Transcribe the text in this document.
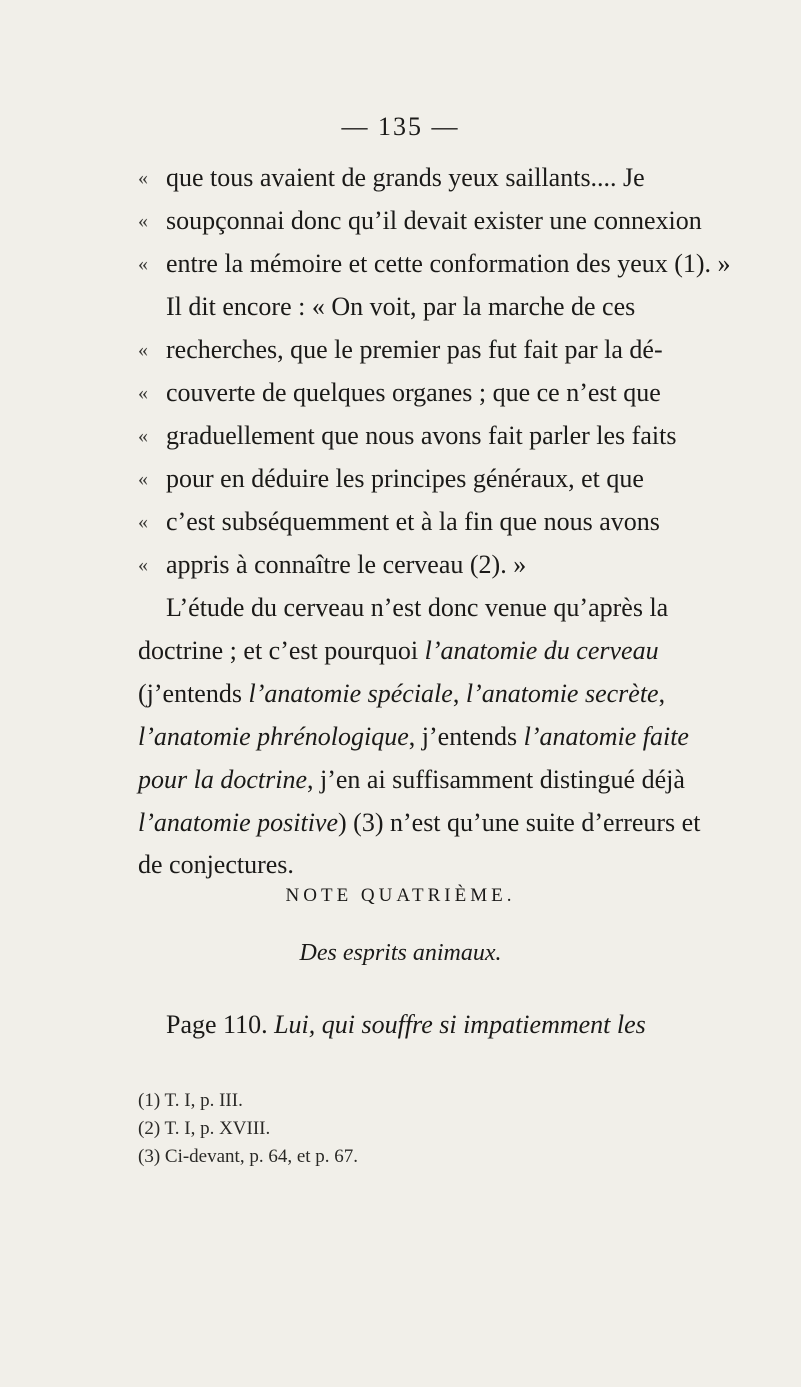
— 135 —
« que tous avaient de grands yeux saillants.... Je
« soupçonnai donc qu’il devait exister une connexion
« entre la mémoire et cette conformation des yeux (1). »
Il dit encore : « On voit, par la marche de ces
« recherches, que le premier pas fut fait par la dé-
« couverte de quelques organes ; que ce n’est que
« graduellement que nous avons fait parler les faits
« pour en déduire les principes généraux, et que
« c’est subséquemment et à la fin que nous avons
« appris à connaître le cerveau (2). »
L’étude du cerveau n’est donc venue qu’après la
doctrine ; et c’est pourquoi l’anatomie du cerveau
(j’entends l’anatomie spéciale, l’anatomie secrète,
l’anatomie phrénologique, j’entends l’anatomie faite
pour la doctrine, j’en ai suffisamment distingué déjà
l’anatomie positive) (3) n’est qu’une suite d’erreurs et
NOTE QUATRIÈME.
Des esprits animaux.
de conjectures.
Page 110. Lui, qui souffre si impatiemment les
(1) T. I, p. III.
(2) T. I, p. XVIII.
(3) Ci-devant, p. 64, et p. 67.
